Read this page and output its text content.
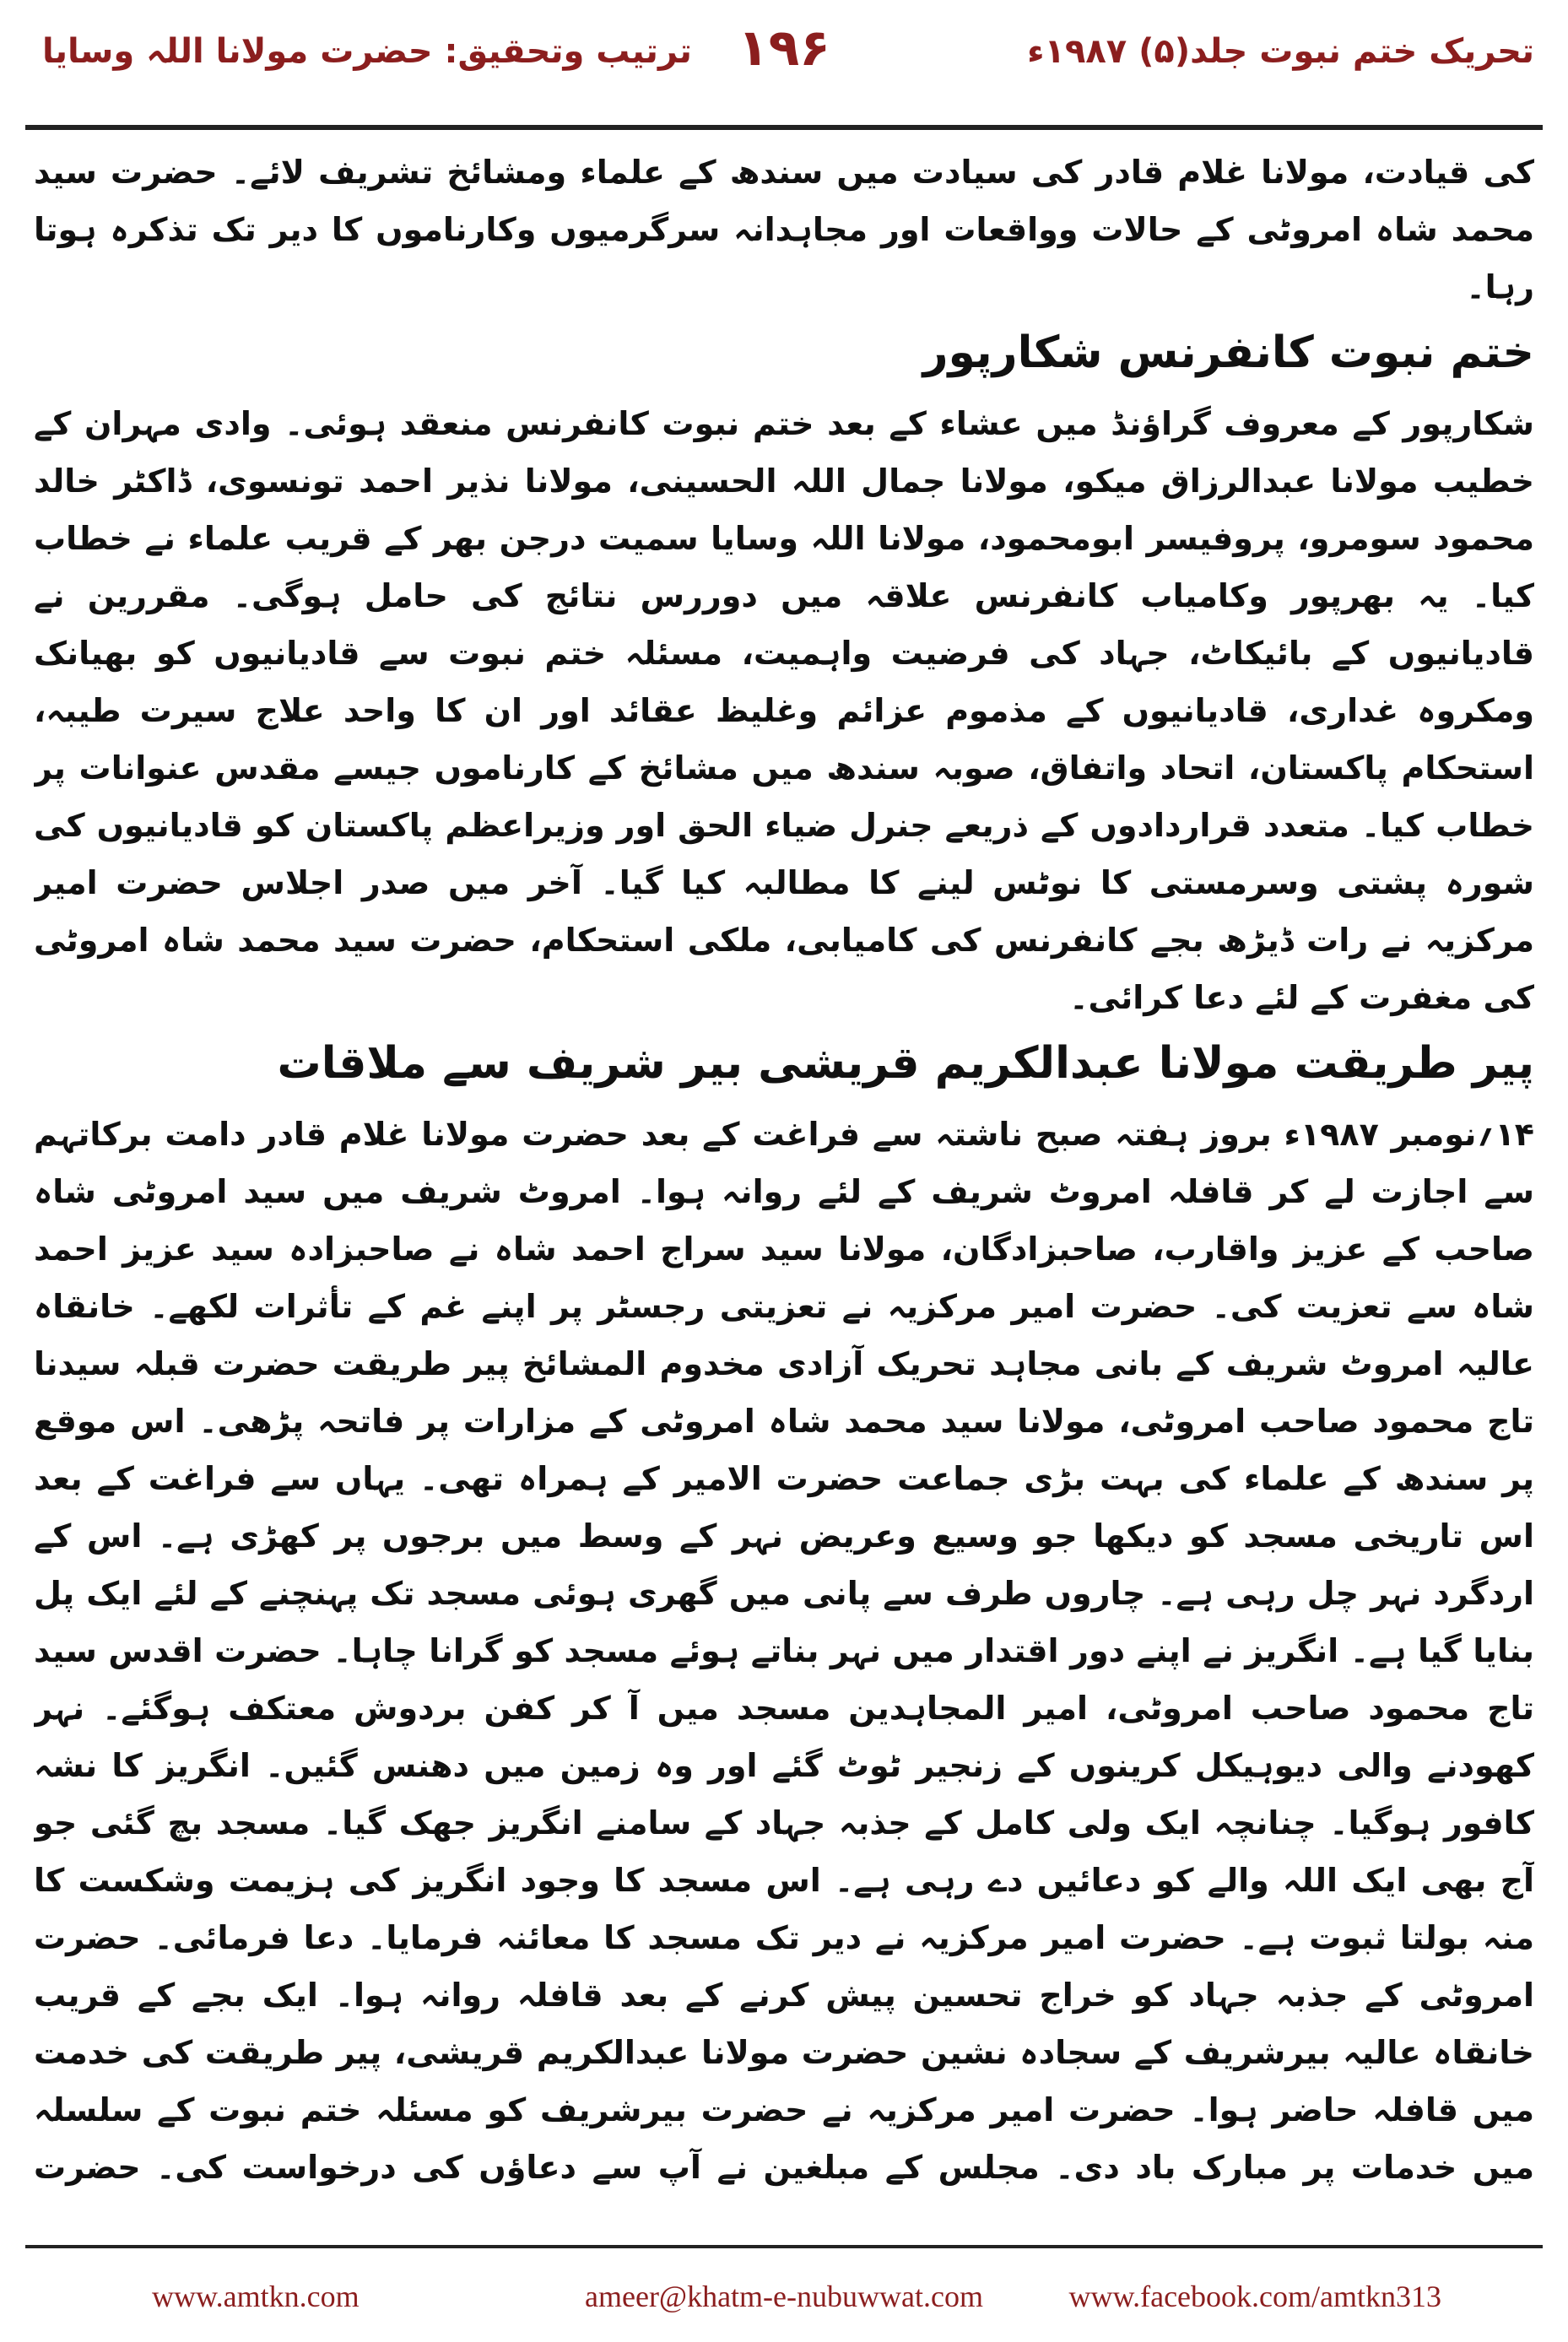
تحریک ختم نبوت جلد(۵) ۱۹۸۷ء
۱۹۶
ترتیب وتحقیق: حضرت مولانا اللہ وسایا

کی قیادت، مولانا غلام قادر کی سیادت میں سندھ کے علماء ومشائخ تشریف لائے۔ حضرت سید محمد شاہ امروٹی کے حالات وواقعات اور مجاہدانہ سرگرمیوں وکارناموں کا دیر تک تذکرہ ہوتا رہا۔

ختم نبوت کانفرنس شکارپور

شکارپور کے معروف گراؤنڈ میں عشاء کے بعد ختم نبوت کانفرنس منعقد ہوئی۔ وادی مہران کے خطیب مولانا عبدالرزاق میکو، مولانا جمال اللہ الحسینی، مولانا نذیر احمد تونسوی، ڈاکٹر خالد محمود سومرو، پروفیسر ابومحمود، مولانا اللہ وسایا سمیت درجن بھر کے قریب علماء نے خطاب کیا۔ یہ بھرپور وکامیاب کانفرنس علاقہ میں دوررس نتائج کی حامل ہوگی۔ مقررین نے قادیانیوں کے بائیکاٹ، جہاد کی فرضیت واہمیت، مسئلہ ختم نبوت سے قادیانیوں کو بھیانک ومکروہ غداری، قادیانیوں کے مذموم عزائم وغلیظ عقائد اور ان کا واحد علاج سیرت طیبہ، استحکام پاکستان، اتحاد واتفاق، صوبہ سندھ میں مشائخ کے کارناموں جیسے مقدس عنوانات پر خطاب کیا۔ متعدد قراردادوں کے ذریعے جنرل ضیاء الحق اور وزیراعظم پاکستان کو قادیانیوں کی شورہ پشتی وسرمستی کا نوٹس لینے کا مطالبہ کیا گیا۔ آخر میں صدر اجلاس حضرت امیر مرکزیہ نے رات ڈیڑھ بجے کانفرنس کی کامیابی، ملکی استحکام، حضرت سید محمد شاہ امروٹی کی مغفرت کے لئے دعا کرائی۔

پیر طریقت مولانا عبدالکریم قریشی بیر شریف سے ملاقات

۱۴؍نومبر ۱۹۸۷ء بروز ہفتہ صبح ناشتہ سے فراغت کے بعد حضرت مولانا غلام قادر دامت برکاتہم سے اجازت لے کر قافلہ امروٹ شریف کے لئے روانہ ہوا۔ امروٹ شریف میں سید امروٹی شاہ صاحب کے عزیز واقارب، صاحبزادگان، مولانا سید سراج احمد شاہ نے صاحبزادہ سید عزیز احمد شاہ سے تعزیت کی۔ حضرت امیر مرکزیہ نے تعزیتی رجسٹر پر اپنے غم کے تأثرات لکھے۔ خانقاہ عالیہ امروٹ شریف کے بانی مجاہد تحریک آزادی مخدوم المشائخ پیر طریقت حضرت قبلہ سیدنا تاج محمود صاحب امروٹی، مولانا سید محمد شاہ امروٹی کے مزارات پر فاتحہ پڑھی۔ اس موقع پر سندھ کے علماء کی بہت بڑی جماعت حضرت الامیر کے ہمراہ تھی۔ یہاں سے فراغت کے بعد اس تاریخی مسجد کو دیکھا جو وسیع وعریض نہر کے وسط میں برجوں پر کھڑی ہے۔ اس کے اردگرد نہر چل رہی ہے۔ چاروں طرف سے پانی میں گھری ہوئی مسجد تک پہنچنے کے لئے ایک پل بنایا گیا ہے۔ انگریز نے اپنے دور اقتدار میں نہر بناتے ہوئے مسجد کو گرانا چاہا۔ حضرت اقدس سید تاج محمود صاحب امروٹی، امیر المجاہدین مسجد میں آ کر کفن بردوش معتکف ہوگئے۔ نہر کھودنے والی دیوہیکل کرینوں کے زنجیر ٹوٹ گئے اور وہ زمین میں دھنس گئیں۔ انگریز کا نشہ کافور ہوگیا۔ چنانچہ ایک ولی کامل کے جذبہ جہاد کے سامنے انگریز جھک گیا۔ مسجد بچ گئی جو آج بھی ایک اللہ والے کو دعائیں دے رہی ہے۔ اس مسجد کا وجود انگریز کی ہزیمت وشکست کا منہ بولتا ثبوت ہے۔ حضرت امیر مرکزیہ نے دیر تک مسجد کا معائنہ فرمایا۔ دعا فرمائی۔ حضرت امروٹی کے جذبہ جہاد کو خراج تحسین پیش کرنے کے بعد قافلہ روانہ ہوا۔ ایک بجے کے قریب خانقاہ عالیہ بیرشریف کے سجادہ نشین حضرت مولانا عبدالکریم قریشی، پیر طریقت کی خدمت میں قافلہ حاضر ہوا۔ حضرت امیر مرکزیہ نے حضرت بیرشریف کو مسئلہ ختم نبوت کے سلسلہ میں خدمات پر مبارک باد دی۔ مجلس کے مبلغین نے آپ سے دعاؤں کی درخواست کی۔ حضرت

www.amtkn.com	ameer@khatm-e-nubuwwat.com	www.facebook.com/amtkn313
